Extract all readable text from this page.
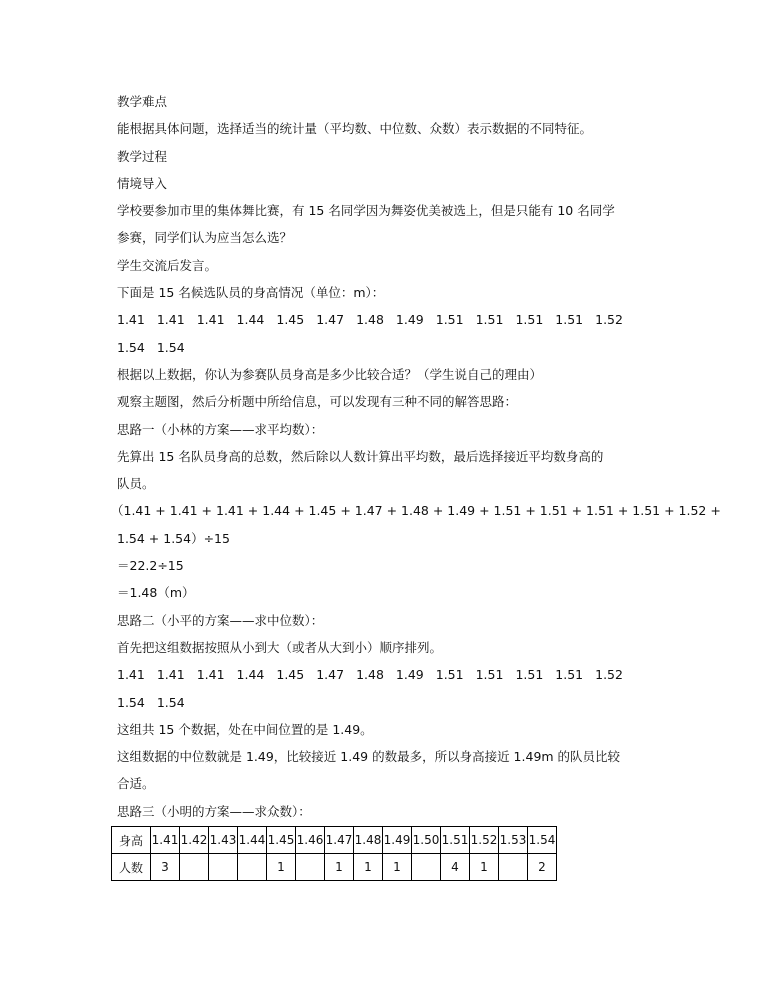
教学难点
能根据具体问题，选择适当的统计量（平均数、中位数、众数）表示数据的不同特征。
教学过程
情境导入
学校要参加市里的集体舞比赛，有 15 名同学因为舞姿优美被选上，但是只能有 10 名同学
参赛，同学们认为应当怎么选？
学生交流后发言。
下面是 15 名候选队员的身高情况（单位：m）：
1.41 1.41 1.41 1.44 1.45 1.47 1.48 1.49 1.51 1.51 1.51 1.51 1.52
1.54 1.54
根据以上数据，你认为参赛队员身高是多少比较合适？（学生说自己的理由）
观察主题图，然后分析题中所给信息，可以发现有三种不同的解答思路：
思路一（小林的方案——求平均数）：
先算出 15 名队员身高的总数，然后除以人数计算出平均数，最后选择接近平均数身高的
队员。
（1.41 + 1.41 + 1.41 + 1.44 + 1.45 + 1.47 + 1.48 + 1.49 + 1.51 + 1.51 + 1.51 + 1.51 + 1.52 +
1.54 + 1.54）÷15
＝22.2÷15
＝1.48（m）
思路二（小平的方案——求中位数）：
首先把这组数据按照从小到大（或者从大到小）顺序排列。
1.41 1.41 1.41 1.44 1.45 1.47 1.48 1.49 1.51 1.51 1.51 1.51 1.52
1.54 1.54
这组共 15 个数据，处在中间位置的是 1.49。
这组数据的中位数就是 1.49，比较接近 1.49 的数最多，所以身高接近 1.49m 的队员比较
合适。
思路三（小明的方案——求众数）：
身高	1.41	1.42	1.43	1.44	1.45	1.46	1.47	1.48	1.49	1.50	1.51	1.52	1.53	1.54
人数	3				1		1	1	1		4	1		2
